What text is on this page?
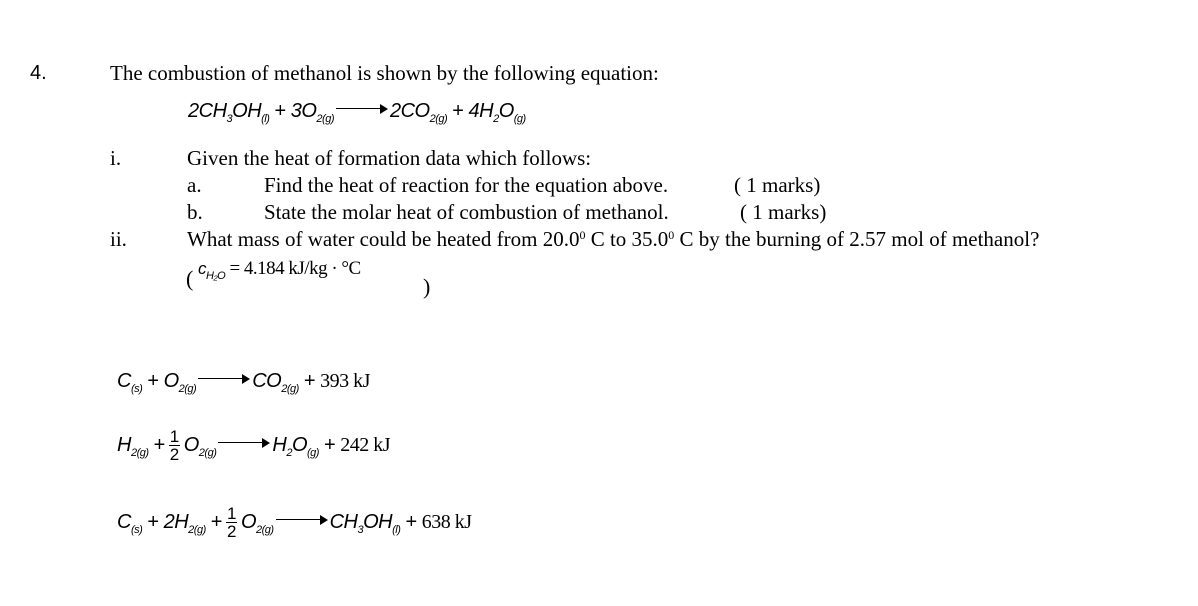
4.	The combustion of methanol is shown by the following equation:
$2CH_3OH_{(l)} + 3O_{2(g)}$	$2CO_{2(g)} + 4H_2O_{(g)}$
i.	Given the heat of formation data which follows:
a.	Find the heat of reaction for the equation above.	( 1 marks)
b.	State the molar heat of combustion of methanol.	( 1 marks)
ii.	What mass of water could be heated from 20.0$^0$ C to 35.0$^0$ C by the burning of 2.57 mol of methanol?
( $c_{H_2O} = 4.184$ kJ/kg · °C
)
$C_{(s)} + O_{2(g)}$	$CO_{2(g)} + 393$ kJ
$H_{2(g)} + \frac{1}{2} O_{2(g)}$	$H_2O_{(g)} + 242$ kJ
$C_{(s)} + 2H_{2(g)} + \frac{1}{2} O_{2(g)}$	$CH_3OH_{(l)} + 638$ kJ
